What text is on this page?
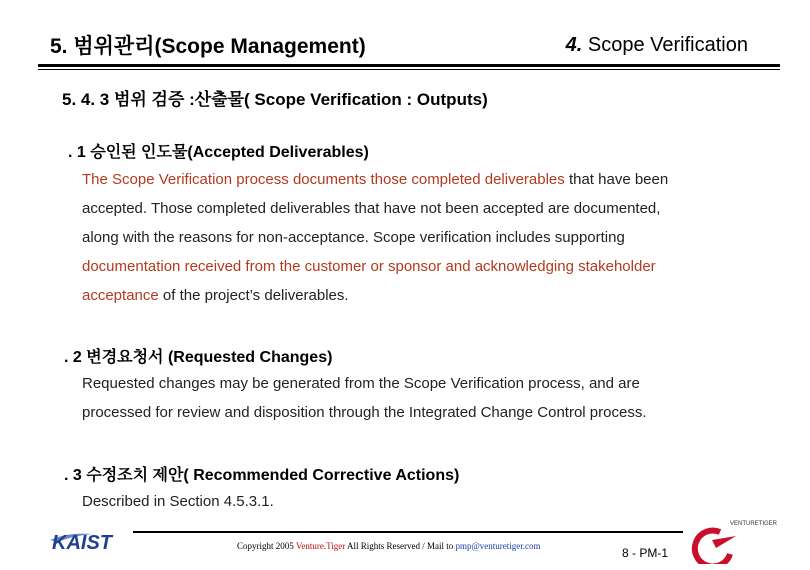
5. 범위관리(Scope Management)	4. Scope Verification
5. 4. 3 범위 검증 :산출물( Scope Verification : Outputs)
. 1 승인된 인도물(Accepted Deliverables)
The Scope Verification process documents those completed deliverables that have been
accepted. Those completed deliverables that have not been accepted are documented,
along with the reasons for non-acceptance. Scope verification includes supporting
documentation received from the customer or sponsor and acknowledging stakeholder
acceptance of the project’s deliverables.
. 2 변경요청서 (Requested Changes)
Requested changes may be generated from the Scope Verification process, and are
processed for review and disposition through the Integrated Change Control process.
. 3 수정조치 제안( Recommended Corrective Actions)
Described in Section 4.5.3.1.
KAIST	Copyright 2005 Venture.Tiger All Rights Reserved / Mail to pmp@venturetiger.com	8 - PM-1
VENTURETIGER
